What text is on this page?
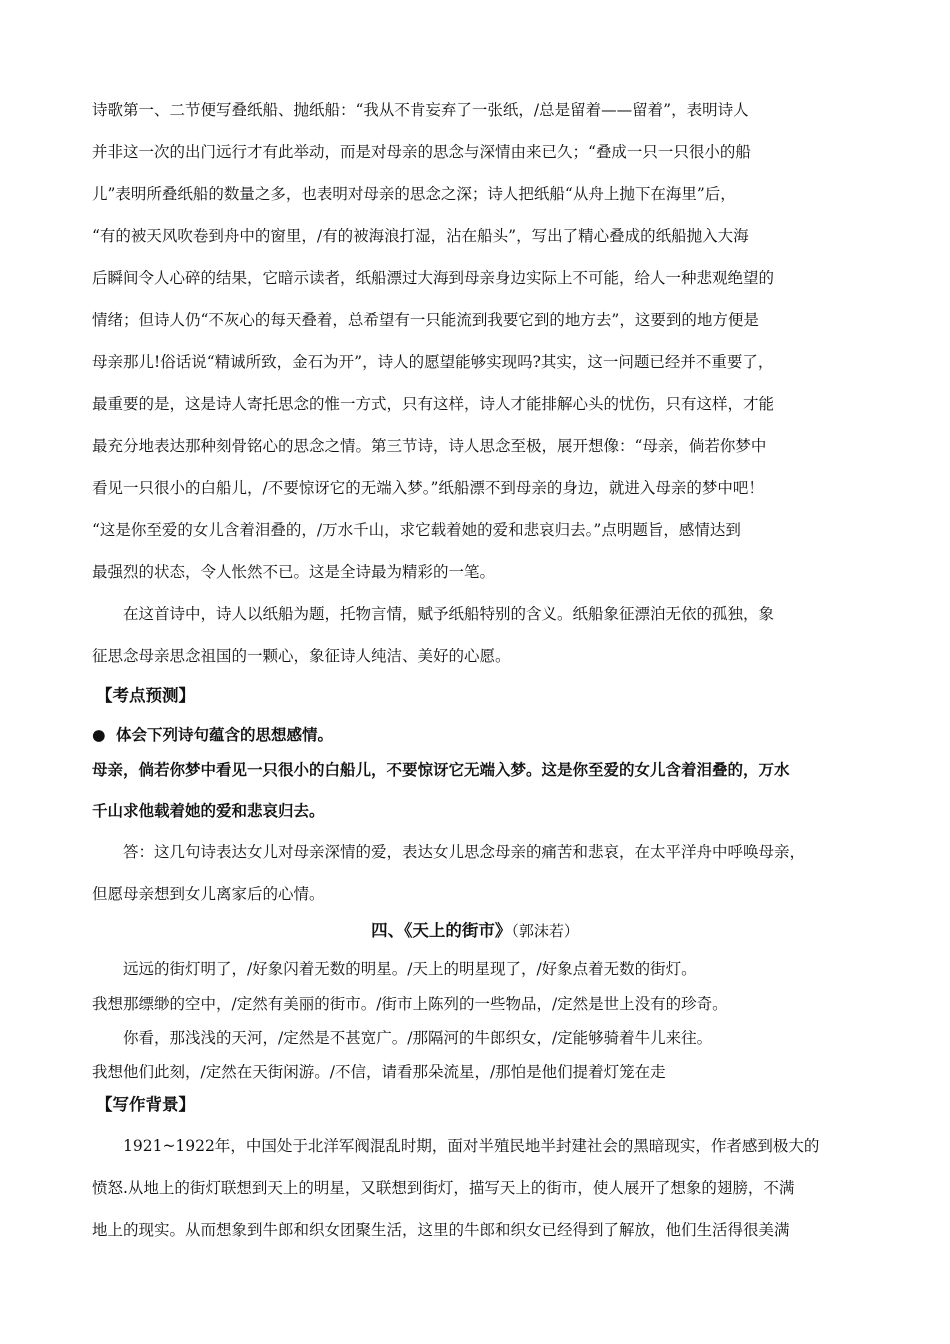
诗歌第一、二节便写叠纸船、抛纸船：“我从不肯妄弃了一张纸，/总是留着——留着”，表明诗人
并非这一次的出门远行才有此举动，而是对母亲的思念与深情由来已久；“叠成一只一只很小的船
儿”表明所叠纸船的数量之多，也表明对母亲的思念之深；诗人把纸船“从舟上抛下在海里”后，
“有的被天风吹卷到舟中的窗里，/有的被海浪打湿，沾在船头”，写出了精心叠成的纸船抛入大海
后瞬间令人心碎的结果，它暗示读者，纸船漂过大海到母亲身边实际上不可能，给人一种悲观绝望的
情绪；但诗人仍“不灰心的每天叠着，总希望有一只能流到我要它到的地方去”，这要到的地方便是
母亲那儿!俗话说“精诚所致，金石为开”，诗人的愿望能够实现吗?其实，这一问题已经并不重要了，
最重要的是，这是诗人寄托思念的惟一方式，只有这样，诗人才能排解心头的忧伤，只有这样，才能
最充分地表达那种刻骨铭心的思念之情。第三节诗，诗人思念至极，展开想像：“母亲，倘若你梦中
看见一只很小的白船儿，/不要惊讶它的无端入梦。”纸船漂不到母亲的身边，就进入母亲的梦中吧！
“这是你至爱的女儿含着泪叠的，/万水千山，求它载着她的爱和悲哀归去。”点明题旨，感情达到
最强烈的状态，令人怅然不已。这是全诗最为精彩的一笔。
在这首诗中，诗人以纸船为题，托物言情，赋予纸船特别的含义。纸船象征漂泊无依的孤独，象
征思念母亲思念祖国的一颗心，象征诗人纯洁、美好的心愿。
【考点预测】
● 体会下列诗句蕴含的思想感情。
母亲，倘若你梦中看见一只很小的白船儿，不要惊讶它无端入梦。这是你至爱的女儿含着泪叠的，万水
千山求他载着她的爱和悲哀归去。
答：这几句诗表达女儿对母亲深情的爱，表达女儿思念母亲的痛苦和悲哀，在太平洋舟中呼唤母亲，
但愿母亲想到女儿离家后的心情。
四、《天上的街市》（郭沫若）
远远的街灯明了，/好象闪着无数的明星。/天上的明星现了，/好象点着无数的街灯。
我想那缥缈的空中，/定然有美丽的街市。/街市上陈列的一些物品，/定然是世上没有的珍奇。
你看，那浅浅的天河，/定然是不甚宽广。/那隔河的牛郎织女，/定能够骑着牛儿来往。
我想他们此刻，/定然在天街闲游。/不信，请看那朵流星，/那怕是他们提着灯笼在走
【写作背景】
1921~1922年，中国处于北洋军阀混乱时期，面对半殖民地半封建社会的黑暗现实，作者感到极大的
愤怒.从地上的街灯联想到天上的明星，又联想到街灯，描写天上的街市，使人展开了想象的翅膀，不满
地上的现实。从而想象到牛郎和织女团聚生活，这里的牛郎和织女已经得到了解放，他们生活得很美满
